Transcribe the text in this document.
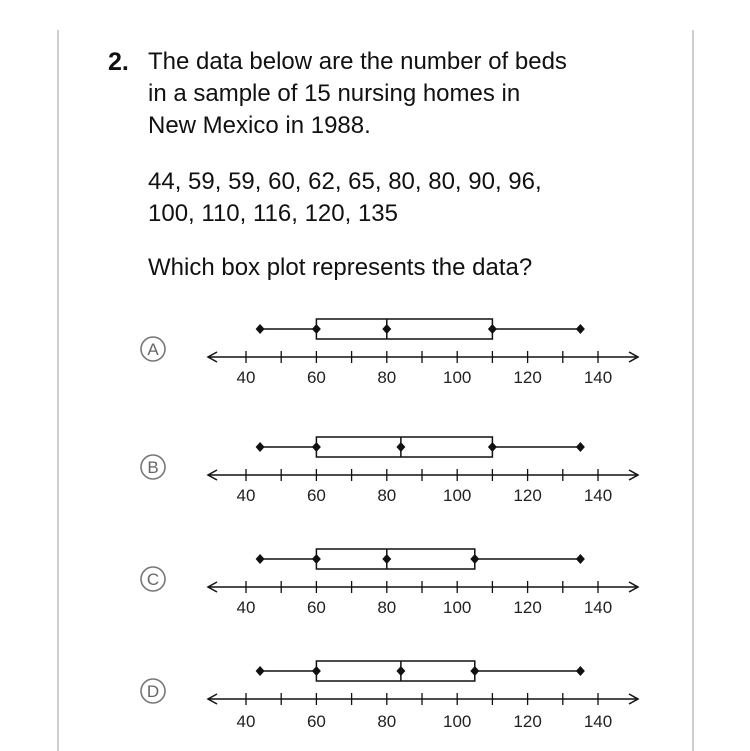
2. The data below are the number of beds
in a sample of 15 nursing homes in
New Mexico in 1988.

44, 59, 59, 60, 62, 65, 80, 80, 90, 96,
100, 110, 116, 120, 135

Which box plot represents the data?

A
40	60	80	100 120 140
B
40	60	80	100 120 140
C
40	60	80	100 120 140
D
40	60	80	100 120 140
